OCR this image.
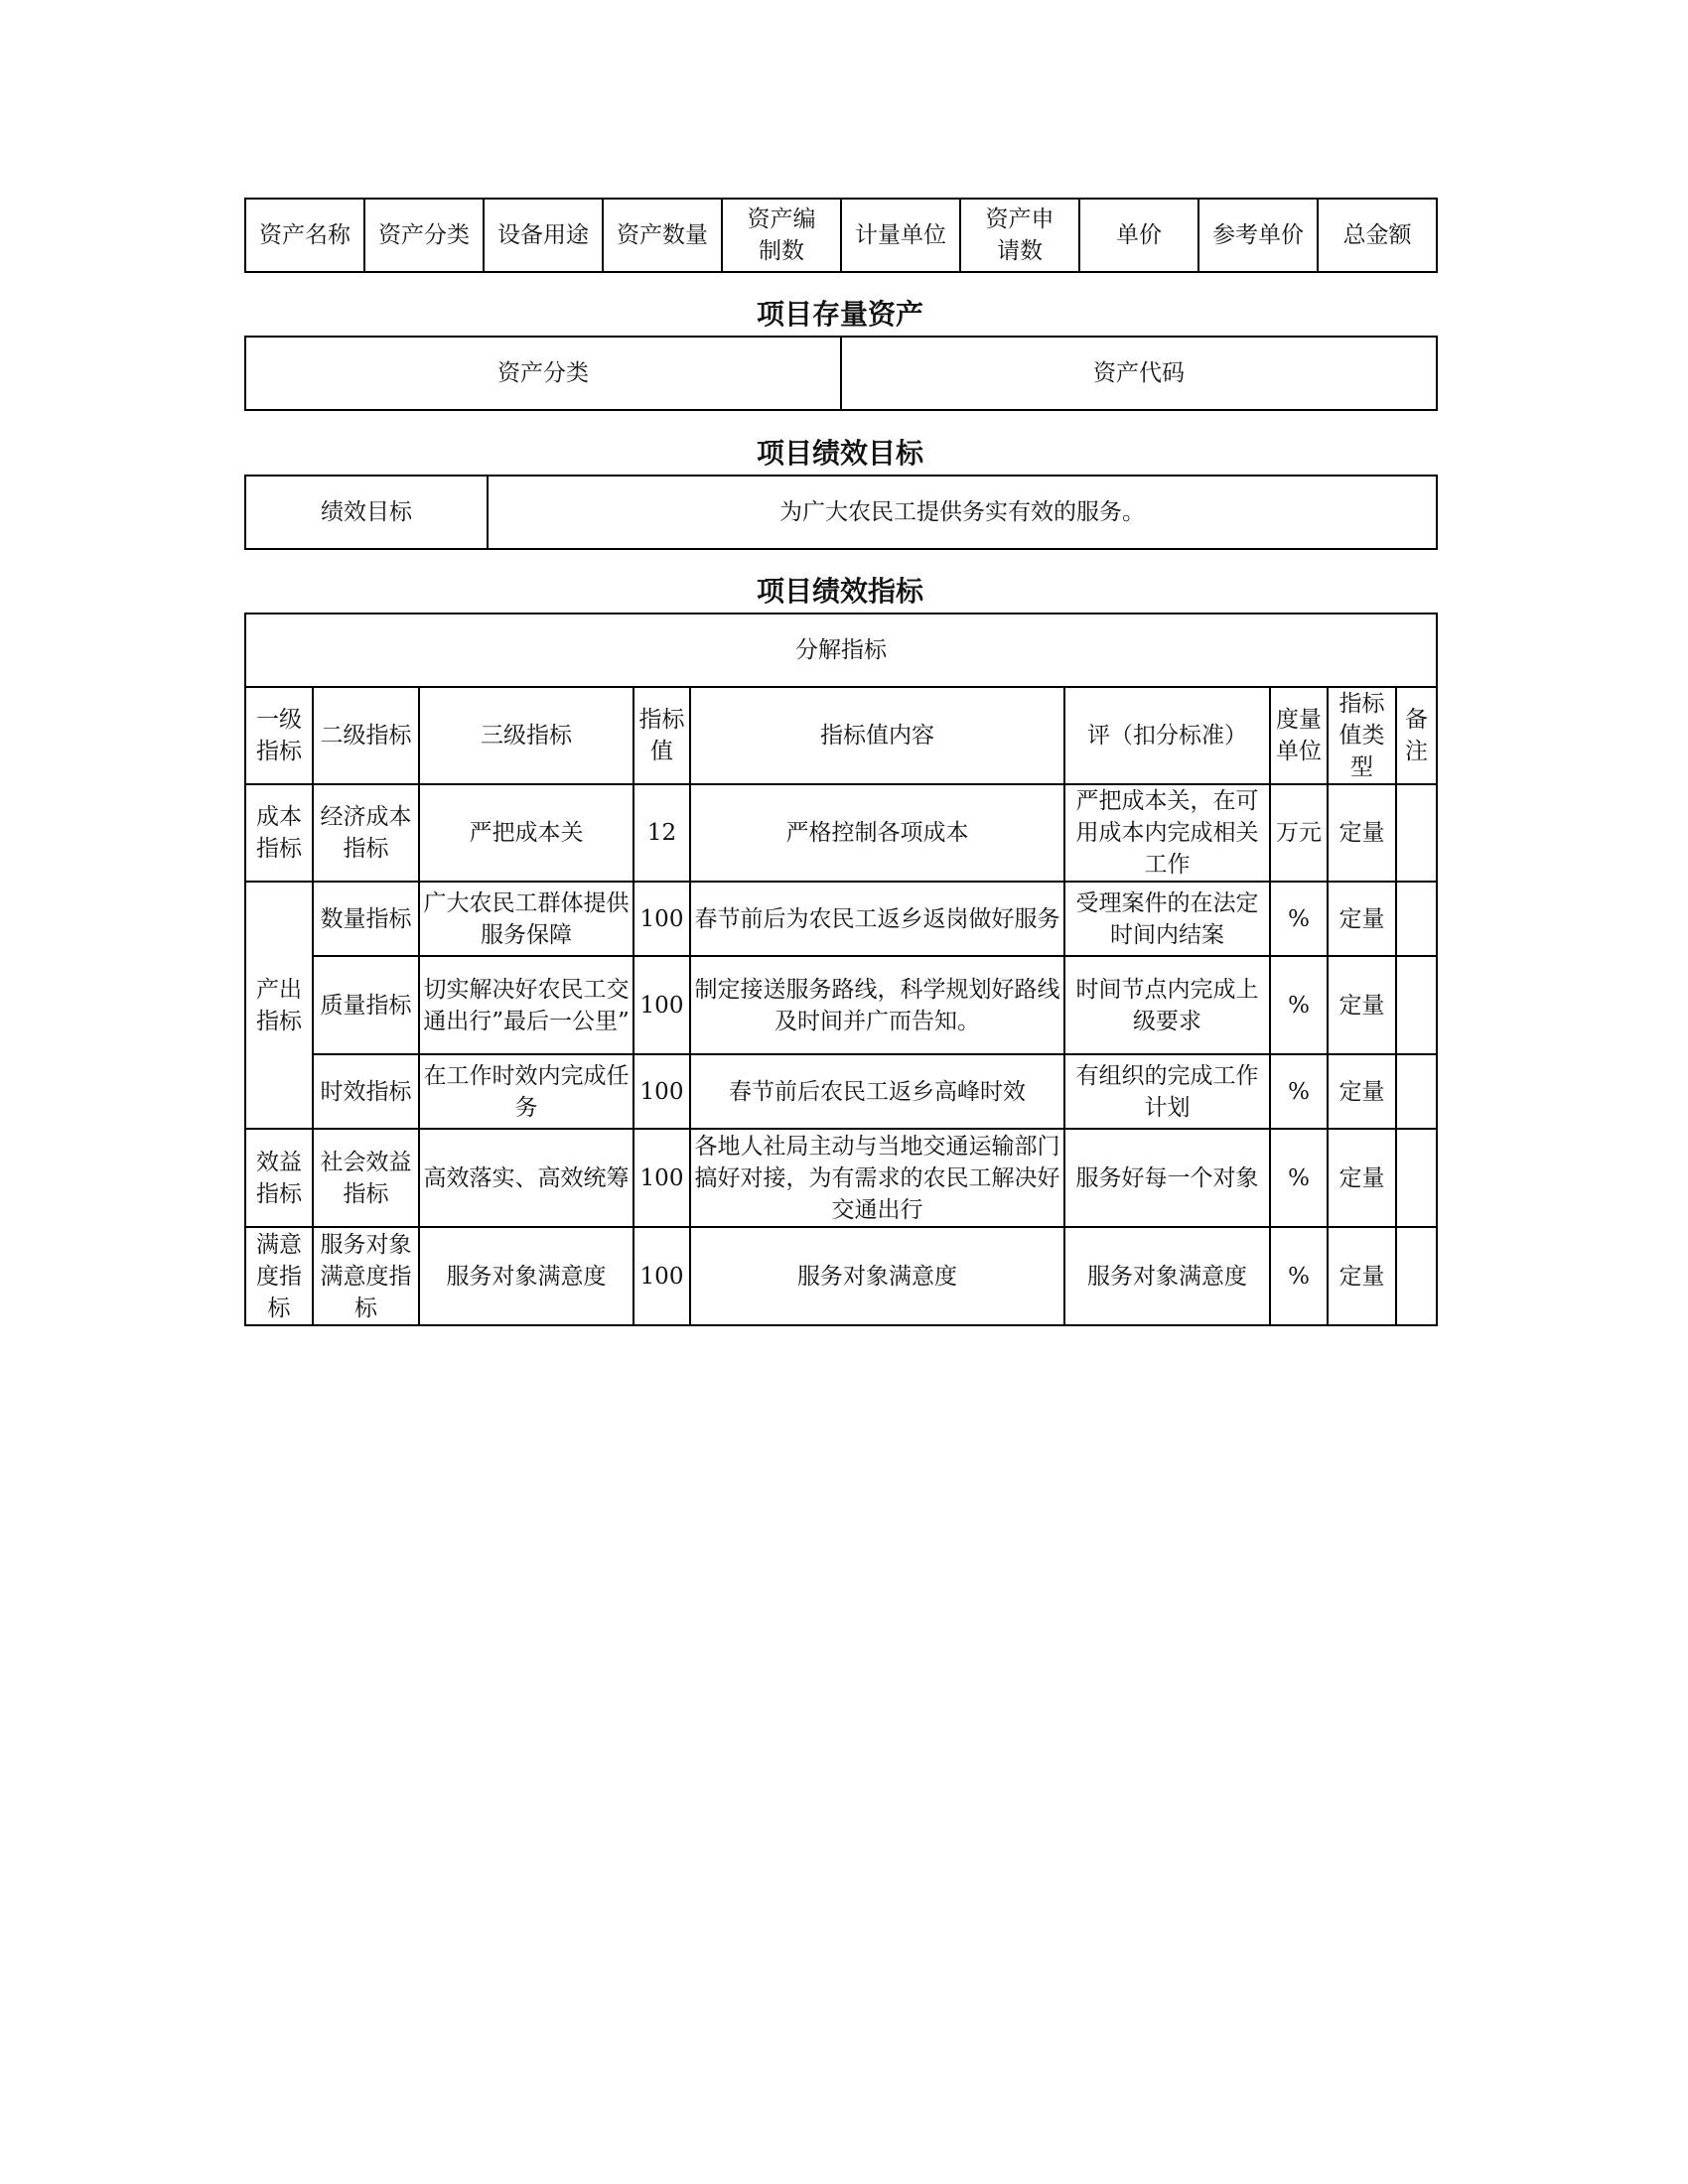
资产名称	资产分类	设备用途	资产数量	资产编制数	计量单位	资产申请数	单价	参考单价	总金额
项目存量资产
资产分类	资产代码
项目绩效目标
绩效目标	为广大农民工提供务实有效的服务。
项目绩效指标
分解指标								
一级指标	二级指标	三级指标	指标值	指标值内容	评（扣分标准）	度量单位	指标值类型	备注
成本指标	经济成本指标	严把成本关	12	严格控制各项成本	严把成本关，在可用成本内完成相关工作	万元	定量	
产出指标	数量指标	广大农民工群体提供服务保障	100	春节前后为农民工返乡返岗做好服务	受理案件的在法定时间内结案	%	定量	
	质量指标	切实解决好农民工交通出行”最后一公里”	100	制定接送服务路线，科学规划好路线及时间并广而告知。	时间节点内完成上级要求	%	定量	
	时效指标	在工作时效内完成任务	100	春节前后农民工返乡高峰时效	有组织的完成工作计划	%	定量	
效益指标	社会效益指标	高效落实、高效统筹	100	各地人社局主动与当地交通运输部门搞好对接，为有需求的农民工解决好交通出行	服务好每一个对象	%	定量	
满意度指标	服务对象满意度指标	服务对象满意度	100	服务对象满意度	服务对象满意度	%	定量	
